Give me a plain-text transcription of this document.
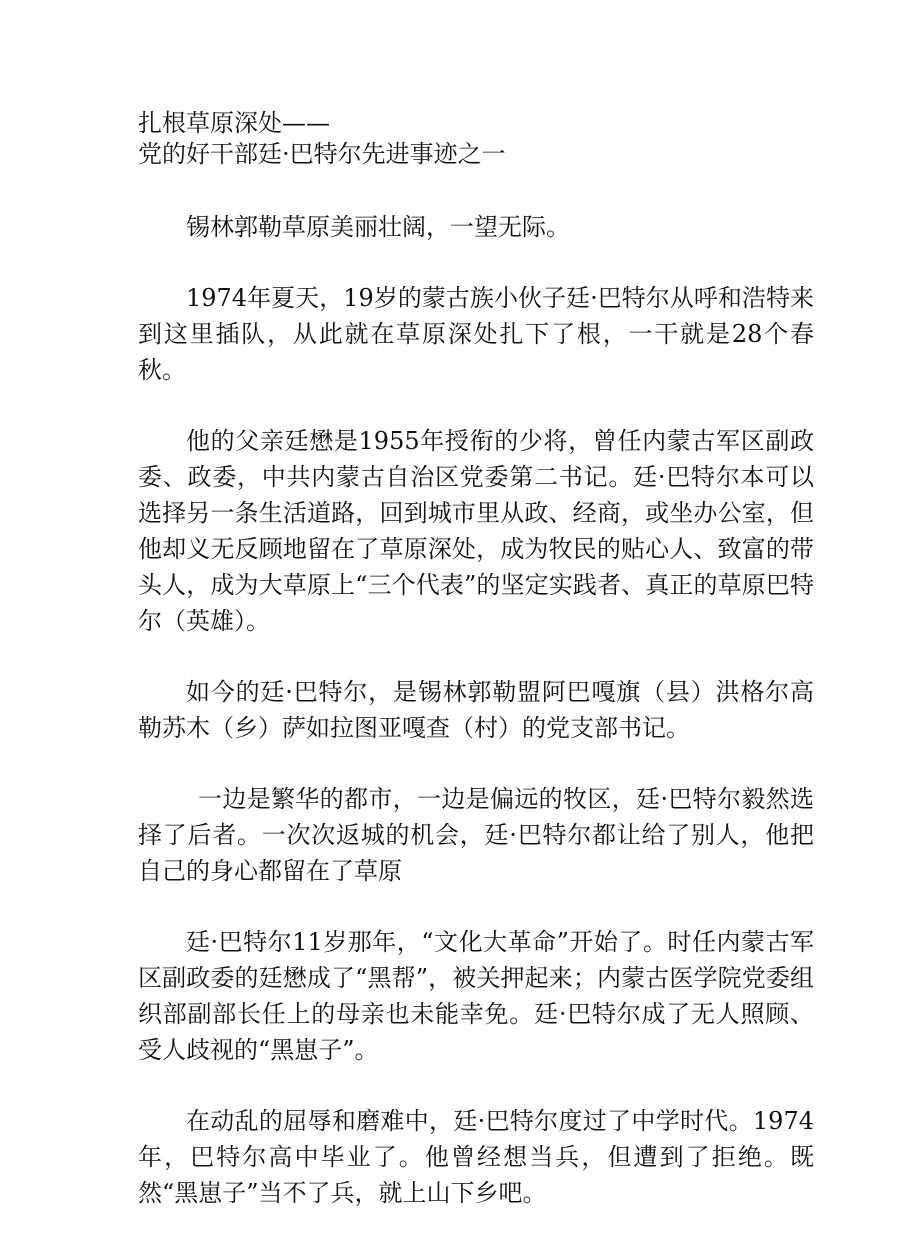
扎根草原深处——

党的好干部廷·巴特尔先进事迹之一

锡林郭勒草原美丽壮阔，一望无际。

1974年夏天，19岁的蒙古族小伙子廷·巴特尔从呼和浩特来到这里插队，从此就在草原深处扎下了根，一干就是28个春秋。

他的父亲廷懋是1955年授衔的少将，曾任内蒙古军区副政委、政委，中共内蒙古自治区党委第二书记。廷·巴特尔本可以选择另一条生活道路，回到城市里从政、经商，或坐办公室，但他却义无反顾地留在了草原深处，成为牧民的贴心人、致富的带头人，成为大草原上“三个代表”的坚定实践者、真正的草原巴特尔（英雄）。

如今的廷·巴特尔，是锡林郭勒盟阿巴嘎旗（县）洪格尔高勒苏木（乡）萨如拉图亚嘎查（村）的党支部书记。

一边是繁华的都市，一边是偏远的牧区，廷·巴特尔毅然选择了后者。一次次返城的机会，廷·巴特尔都让给了别人，他把自己的身心都留在了草原

廷·巴特尔11岁那年，“文化大革命”开始了。时任内蒙古军区副政委的廷懋成了“黑帮”，被关押起来；内蒙古医学院党委组织部副部长任上的母亲也未能幸免。廷·巴特尔成了无人照顾、受人歧视的“黑崽子”。

在动乱的屈辱和磨难中，廷·巴特尔度过了中学时代。1974年，巴特尔高中毕业了。他曾经想当兵，但遭到了拒绝。既然“黑崽子”当不了兵，就上山下乡吧。
